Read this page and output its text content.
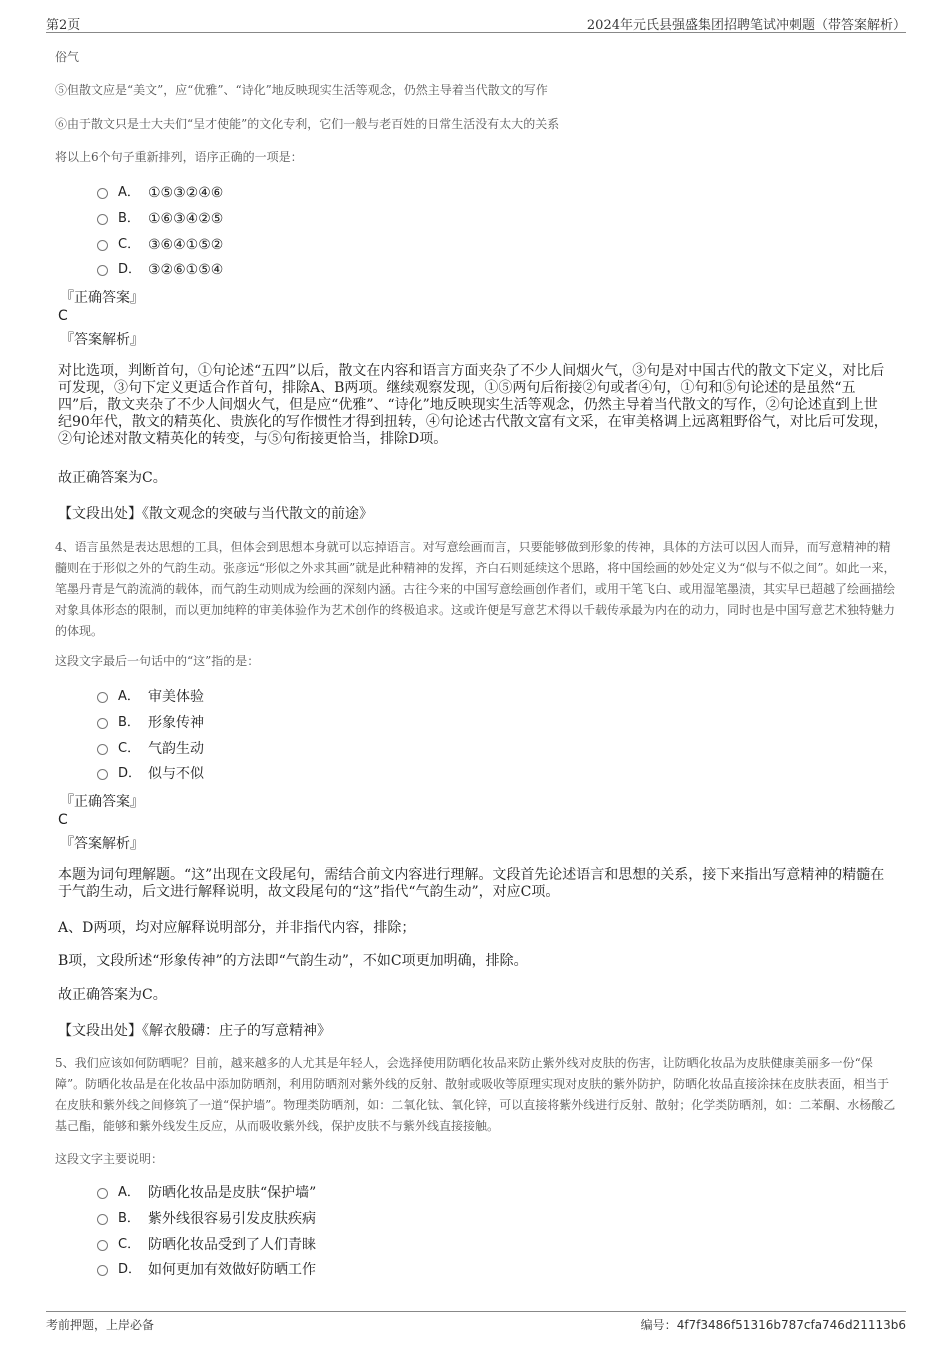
第2页	2024年元氏县强盛集团招聘笔试冲刺题（带答案解析）
俗气
⑤但散文应是“美文”，应“优雅”、“诗化”地反映现实生活等观念，仍然主导着当代散文的写作
⑥由于散文只是士大夫们“呈才使能”的文化专利，它们一般与老百姓的日常生活没有太大的关系
将以上6个句子重新排列，语序正确的一项是：
A． ①⑤③②④⑥
B． ①⑥③④②⑤
C． ③⑥④①⑤②
D． ③②⑥①⑤④
『正确答案』
C
『答案解析』
对比选项，判断首句，①句论述“五四”以后，散文在内容和语言方面夹杂了不少人间烟火气，③句是对中国古代的散文下定义，对比后可发现，③句下定义更适合作首句，排除A、B两项。继续观察发现，①⑤两句后衔接②句或者④句，①句和⑤句论述的是虽然“五四”后，散文夹杂了不少人间烟火气，但是应“优雅”、“诗化”地反映现实生活等观念，仍然主导着当代散文的写作，②句论述直到上世纪90年代，散文的精英化、贵族化的写作惯性才得到扭转，④句论述古代散文富有文采，在审美格调上远离粗野俗气，对比后可发现，②句论述对散文精英化的转变，与⑤句衔接更恰当，排除D项。
故正确答案为C。
【文段出处】《散文观念的突破与当代散文的前途》
4、语言虽然是表达思想的工具，但体会到思想本身就可以忘掉语言。对写意绘画而言，只要能够做到形象的传神，具体的方法可以因人而异，而写意精神的精髓则在于形似之外的气韵生动。张彦远“形似之外求其画”就是此种精神的发挥，齐白石则延续这个思路，将中国绘画的妙处定义为“似与不似之间”。如此一来，笔墨丹青是气韵流淌的载体，而气韵生动则成为绘画的深刻内涵。古往今来的中国写意绘画创作者们，或用干笔飞白、或用湿笔墨渍，其实早已超越了绘画描绘对象具体形态的限制，而以更加纯粹的审美体验作为艺术创作的终极追求。这或许便是写意艺术得以千载传承最为内在的动力，同时也是中国写意艺术独特魅力的体现。
这段文字最后一句话中的“这”指的是：
A． 审美体验
B． 形象传神
C． 气韵生动
D． 似与不似
『正确答案』
C
『答案解析』
本题为词句理解题。“这”出现在文段尾句，需结合前文内容进行理解。文段首先论述语言和思想的关系，接下来指出写意精神的精髓在于气韵生动，后文进行解释说明，故文段尾句的“这”指代“气韵生动”，对应C项。
A、D两项，均对应解释说明部分，并非指代内容，排除；
B项，文段所述“形象传神”的方法即“气韵生动”，不如C项更加明确，排除。
故正确答案为C。
【文段出处】《解衣般礴：庄子的写意精神》
5、我们应该如何防晒呢？目前，越来越多的人尤其是年轻人，会选择使用防晒化妆品来防止紫外线对皮肤的伤害，让防晒化妆品为皮肤健康美丽多一份“保障”。防晒化妆品是在化妆品中添加防晒剂，利用防晒剂对紫外线的反射、散射或吸收等原理实现对皮肤的紫外防护，防晒化妆品直接涂抹在皮肤表面，相当于在皮肤和紫外线之间修筑了一道“保护墙”。物理类防晒剂，如：二氧化钛、氧化锌，可以直接将紫外线进行反射、散射；化学类防晒剂，如：二苯酮、水杨酸乙基己酯，能够和紫外线发生反应，从而吸收紫外线，保护皮肤不与紫外线直接接触。
这段文字主要说明：
A． 防晒化妆品是皮肤“保护墙”
B． 紫外线很容易引发皮肤疾病
C． 防晒化妆品受到了人们青睐
D． 如何更加有效做好防晒工作
考前押题，上岸必备	编号：4f7f3486f51316b787cfa746d21113b6
